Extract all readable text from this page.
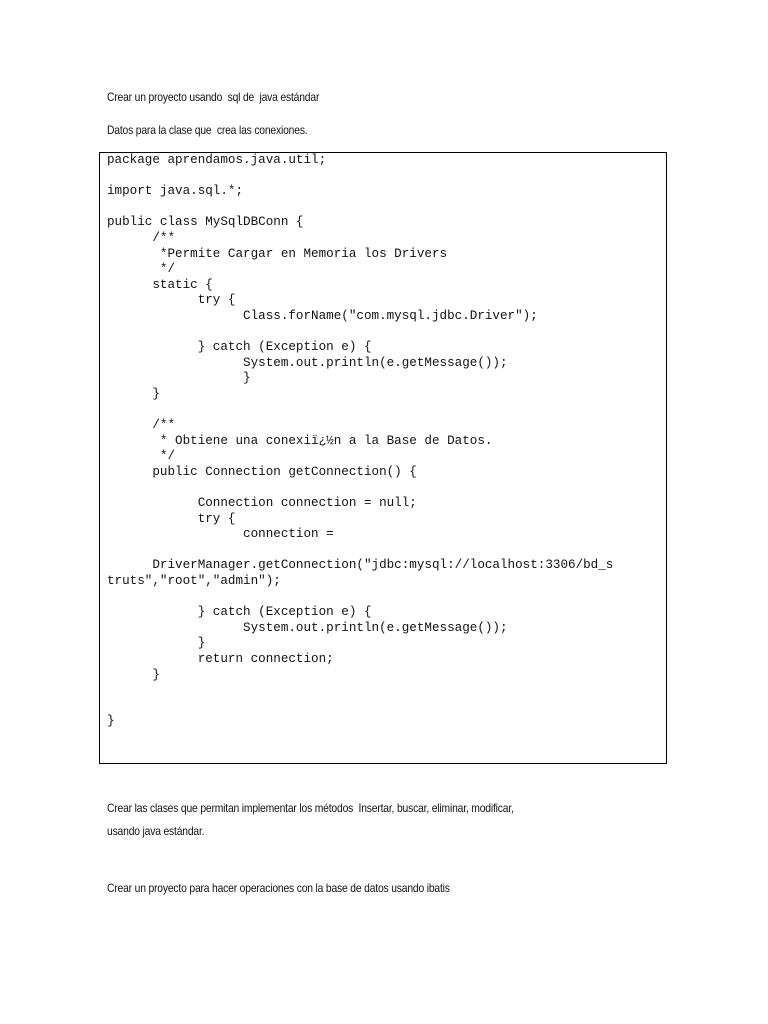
Crear un proyecto usando  sql de  java estándar

Datos para la clase que  crea las conexiones.

package aprendamos.java.util;

import java.sql.*;

public class MySqlDBConn {
/**
*Permite Cargar en Memoria los Drivers
*/
static {
try {
Class.forName("com.mysql.jdbc.Driver");

} catch (Exception e) {
System.out.println(e.getMessage());
}
}

/**
* Obtiene una conexiï¿½n a la Base de Datos.
*/
public Connection getConnection() {

Connection connection = null;
try {
connection =

DriverManager.getConnection("jdbc:mysql://localhost:3306/bd_s
truts","root","admin");

} catch (Exception e) {
System.out.println(e.getMessage());
}
return connection;
}

}

Crear las clases que permitan implementar los métodos  Insertar, buscar, eliminar, modificar,
usando java estándar.

Crear un proyecto para hacer operaciones con la base de datos usando ibatis
